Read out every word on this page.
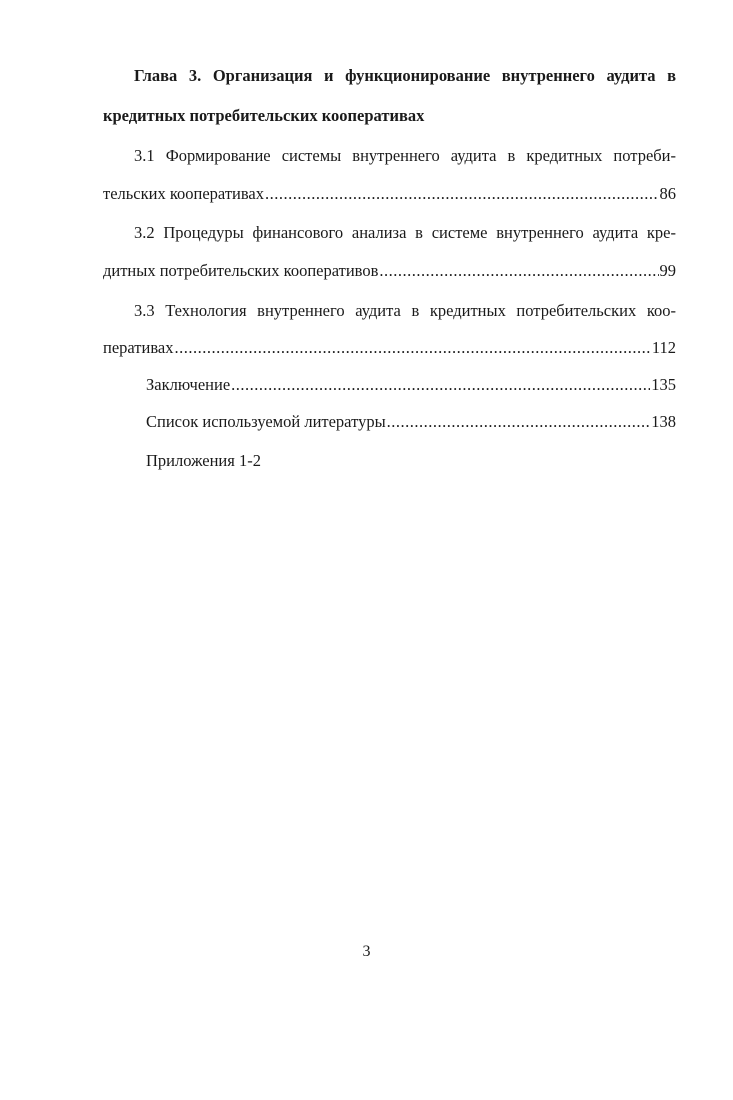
Глава 3. Организация и функционирование внутреннего аудита в
кредитных потребительских кооперативах
3.1 Формирование системы внутреннего аудита в кредитных потреби-
тельских кооперативах .....	86
3.2 Процедуры финансового анализа в системе внутреннего аудита кре-
дитных потребительских кооперативов .....	99
3.3 Технология внутреннего аудита в кредитных потребительских коо-
перативах .....	112
Заключение .....	135
Список используемой литературы .....	138
Приложения 1-2
3
